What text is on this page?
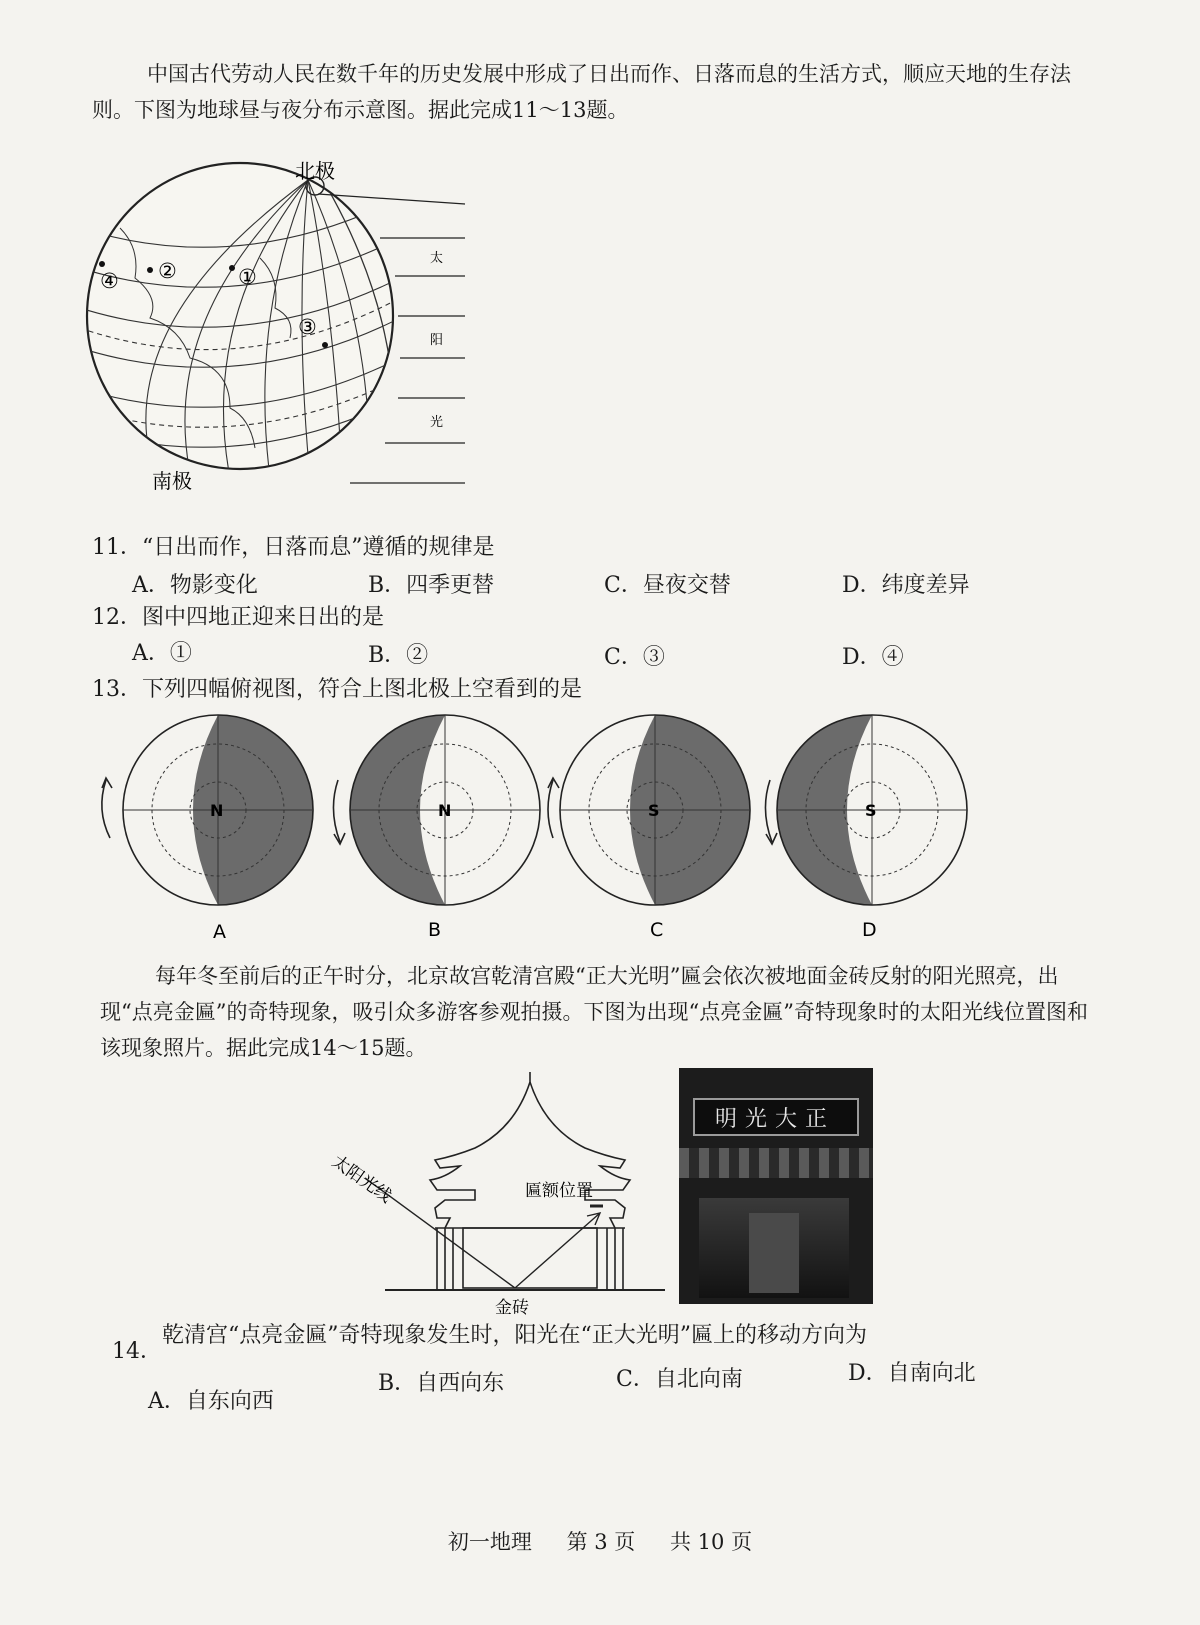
中国古代劳动人民在数千年的历史发展中形成了日出而作、日落而息的生活方式，顺应天地的生存法则。下图为地球昼与夜分布示意图。据此完成11～13题。
北极
南极
太
阳
光
①
②
③
④
11．“日出而作，日落而息”遵循的规律是
A．物影变化	B．四季更替	C．昼夜交替	D．纬度差异
12．图中四地正迎来日出的是
A．①	B．②	C．③	D．④
13．下列四幅俯视图，符合上图北极上空看到的是
N
A
N
B
S
C
S
D
每年冬至前后的正午时分，北京故宫乾清宫殿“正大光明”匾会依次被地面金砖反射的阳光照亮，出现“点亮金匾”的奇特现象，吸引众多游客参观拍摄。下图为出现“点亮金匾”奇特现象时的太阳光线位置图和该现象照片。据此完成14～15题。
太阳光线	匾额位置
金砖
明光大正
14．
乾清宫“点亮金匾”奇特现象发生时，阳光在“正大光明”匾上的移动方向为
A．自东向西
B．自西向东	C．自北向南	D．自南向北
初一地理 第 3 页 共 10 页
